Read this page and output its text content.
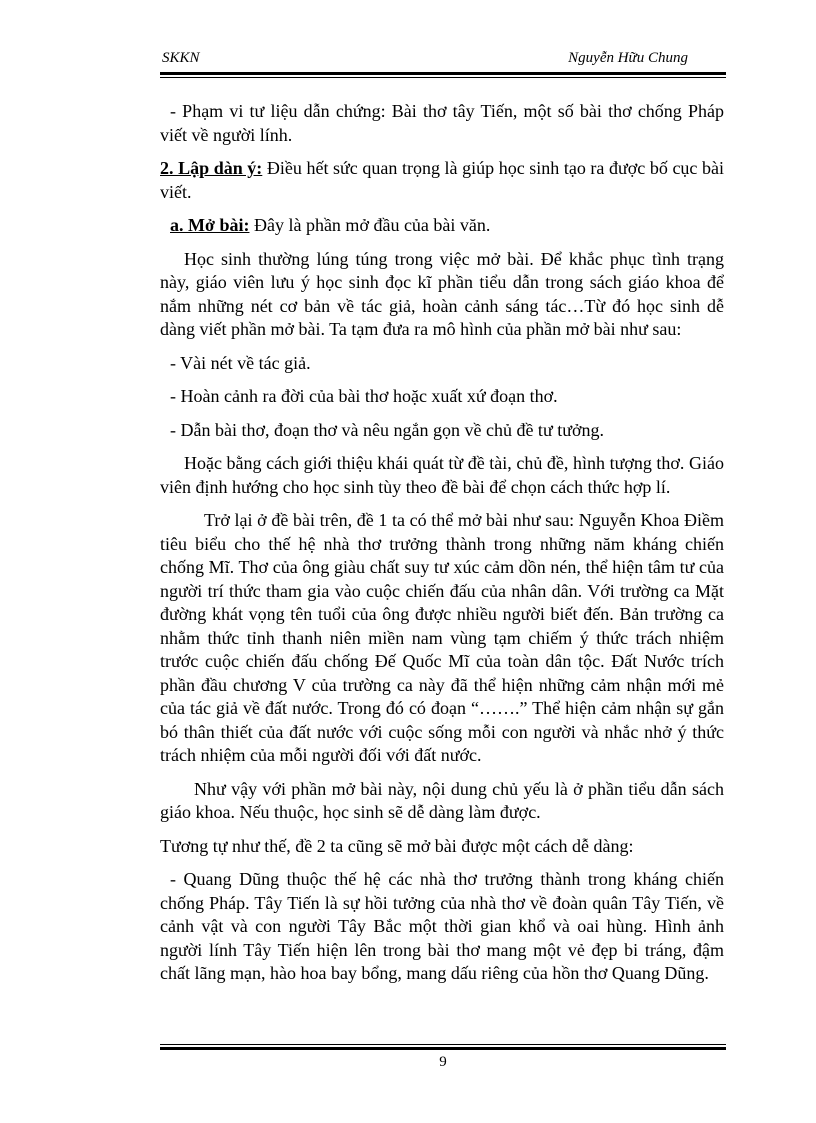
SKKN	Nguyễn Hữu Chung

- Phạm vi tư liệu dẫn chứng: Bài thơ tây Tiến, một số bài thơ chống Pháp viết về người lính.

2. Lập dàn ý: Điều hết sức quan trọng là giúp học sinh tạo ra được bố cục bài viết.

a. Mở bài: Đây là phần mở đầu của bài văn.

Học sinh thường lúng túng trong việc mở bài. Để khắc phục tình trạng này, giáo viên lưu ý học sinh đọc kĩ phần tiểu dẫn trong sách giáo khoa để nắm những nét cơ bản về tác giả, hoàn cảnh sáng tác…Từ đó học sinh dễ dàng viết phần mở bài. Ta tạm đưa ra mô hình của phần mở bài như sau:

- Vài nét về tác giả.

- Hoàn cảnh ra đời của bài thơ hoặc xuất xứ đoạn thơ.

- Dẫn bài thơ, đoạn thơ và nêu ngắn gọn về chủ đề tư tưởng.

Hoặc bằng cách giới thiệu khái quát từ đề tài, chủ đề, hình tượng thơ. Giáo viên định hướng cho học sinh tùy theo đề bài để chọn cách thức hợp lí.

Trở lại ở đề bài trên, đề 1 ta có thể mở bài như sau: Nguyễn Khoa Điềm tiêu biểu cho thế hệ nhà thơ trưởng thành trong những năm kháng chiến chống Mĩ. Thơ của ông giàu chất suy tư xúc cảm dồn nén, thể hiện tâm tư của người trí thức tham gia vào cuộc chiến đấu của nhân dân. Với trường ca Mặt đường khát vọng tên tuổi của ông được nhiều người biết đến. Bản trường ca nhằm thức tỉnh thanh niên miền nam vùng tạm chiếm ý thức trách nhiệm trước cuộc chiến đấu chống Đế Quốc Mĩ của toàn dân tộc. Đất Nước trích phần đầu chương V của trường ca này đã thể hiện những cảm nhận mới mẻ của tác giả về đất nước. Trong đó có đoạn “…….” Thể hiện cảm nhận sự gắn bó thân thiết của đất nước với cuộc sống mỗi con người và nhắc nhở ý thức trách nhiệm của mỗi người đối với đất nước.

Như vậy với phần mở bài này, nội dung chủ yếu là ở phần tiểu dẫn sách giáo khoa. Nếu thuộc, học sinh sẽ dễ dàng làm được.

Tương tự như thế, đề 2 ta cũng sẽ mở bài được một cách dễ dàng:

- Quang Dũng thuộc thế hệ các nhà thơ trưởng thành trong kháng chiến chống Pháp. Tây Tiến là sự hồi tưởng của nhà thơ về đoàn quân Tây Tiến, về cảnh vật và con người Tây Bắc một thời gian khổ và oai hùng. Hình ảnh người lính Tây Tiến hiện lên trong bài thơ mang một vẻ đẹp bi tráng, đậm chất lãng mạn, hào hoa bay bổng, mang dấu riêng của hồn thơ Quang Dũng.

9
